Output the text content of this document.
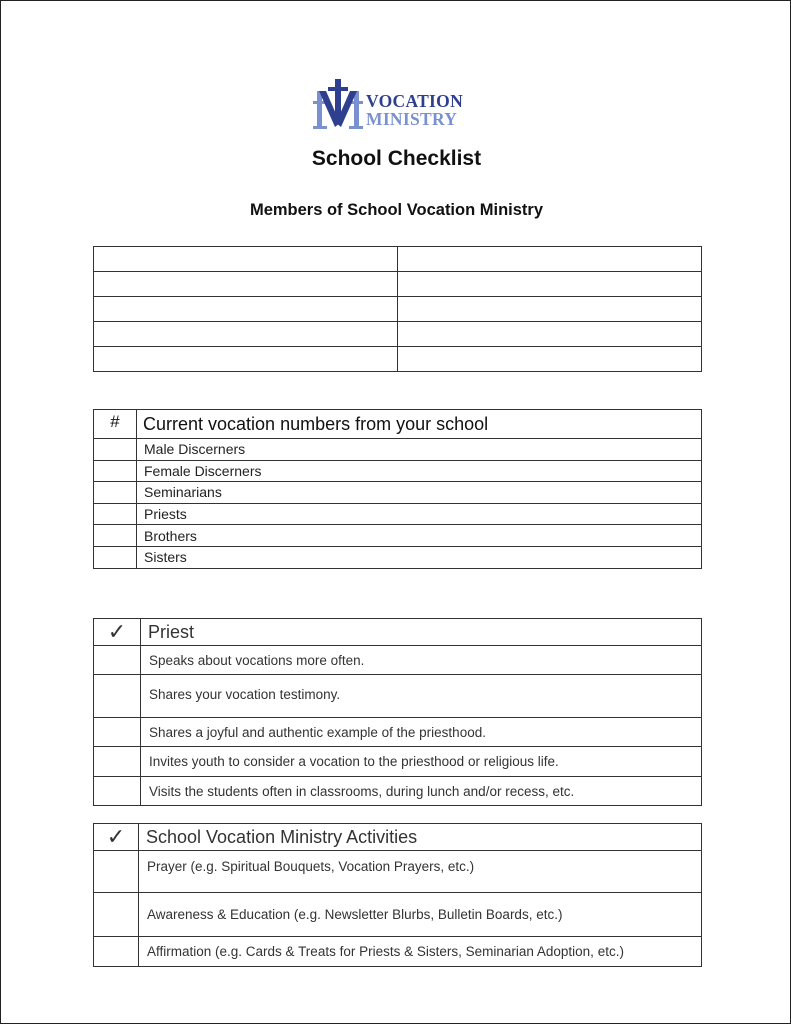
VOCATION
MINISTRY
School Checklist
Members of School Vocation Ministry

#	Current vocation numbers from your school
	Male Discerners
	Female Discerners
	Seminarians
	Priests
	Brothers
	Sisters
✓	Priest
	Speaks about vocations more often.
	Shares your vocation testimony.
	Shares a joyful and authentic example of the priesthood.
	Invites youth to consider a vocation to the priesthood or religious life.
	Visits the students often in classrooms, during lunch and/or recess, etc.
✓	School Vocation Ministry Activities
	Prayer (e.g. Spiritual Bouquets, Vocation Prayers, etc.)
	Awareness & Education (e.g. Newsletter Blurbs, Bulletin Boards, etc.)
	Affirmation (e.g. Cards & Treats for Priests & Sisters, Seminarian Adoption, etc.)
